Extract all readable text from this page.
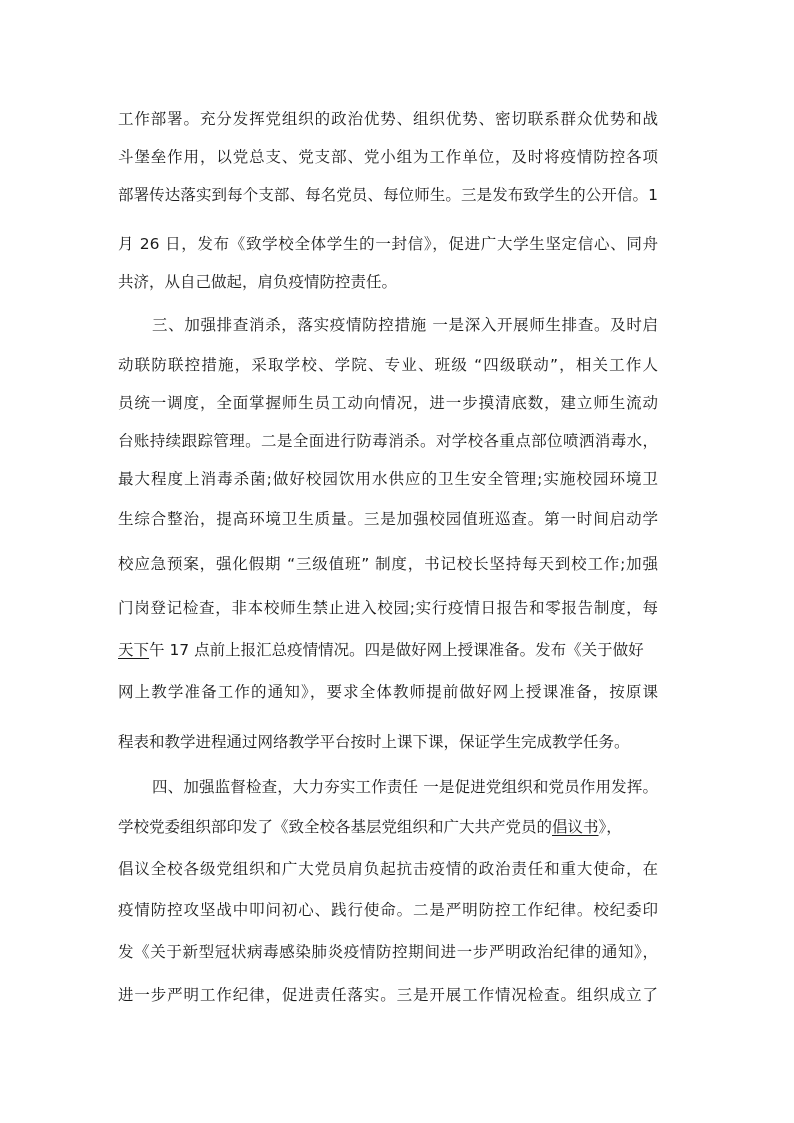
工作部署。充分发挥党组织的政治优势、组织优势、密切联系群众优势和战
斗堡垒作用，以党总支、党支部、党小组为工作单位，及时将疫情防控各项
部署传达落实到每个支部、每名党员、每位师生。三是发布致学生的公开信。1
月 26 日，发布《致学校全体学生的一封信》，促进广大学生坚定信心、同舟
共济，从自己做起，肩负疫情防控责任。
三、加强排查消杀，落实疫情防控措施 一是深入开展师生排查。及时启
动联防联控措施，采取学校、学院、专业、班级 “四级联动”，相关工作人
员统一调度，全面掌握师生员工动向情况，进一步摸清底数，建立师生流动
台账持续跟踪管理。二是全面进行防毒消杀。对学校各重点部位喷洒消毒水，
最大程度上消毒杀菌;做好校园饮用水供应的卫生安全管理;实施校园环境卫
生综合整治，提高环境卫生质量。三是加强校园值班巡查。第一时间启动学
校应急预案，强化假期 “三级值班” 制度，书记校长坚持每天到校工作;加强
门岗登记检查，非本校师生禁止进入校园;实行疫情日报告和零报告制度，每
天下午 17 点前上报汇总疫情情况。四是做好网上授课准备。发布《关于做好
网上教学准备工作的通知》，要求全体教师提前做好网上授课准备，按原课
程表和教学进程通过网络教学平台按时上课下课，保证学生完成教学任务。
四、加强监督检查，大力夯实工作责任 一是促进党组织和党员作用发挥。
学校党委组织部印发了《致全校各基层党组织和广大共产党员的倡议书》，
倡议全校各级党组织和广大党员肩负起抗击疫情的政治责任和重大使命，在
疫情防控攻坚战中叩问初心、践行使命。二是严明防控工作纪律。校纪委印
发《关于新型冠状病毒感染肺炎疫情防控期间进一步严明政治纪律的通知》，
进一步严明工作纪律，促进责任落实。三是开展工作情况检查。组织成立了
